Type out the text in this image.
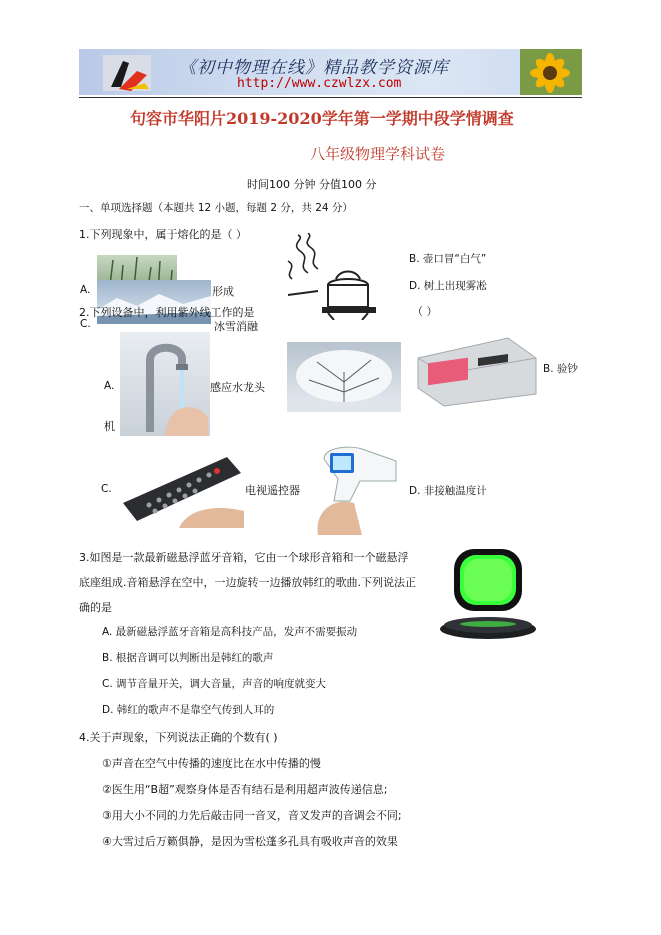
《初中物理在线》精品教学资源库
http://www.czwlzx.com
句容市华阳片2019-2020学年第一学期中段学情调查
八年级物理学科试卷
时间100 分钟 分值100 分
一、单项选择题（本题共 12 小题，每题 2 分，共 24 分）
1.下列现象中，属于熔化的是（ ）
A.	形成
2.下列设备中，利用紫外线工作的是
C.	冰雪消融
B. 壶口冒“白气”
D. 树上出现雾凇
（ ）
A.	感应水龙头
机
B. 验钞
C.	电视遥控器	D. 非接触温度计
3.如图是一款最新磁悬浮蓝牙音箱，它由一个球形音箱和一个磁悬浮
底座组成.音箱悬浮在空中，一边旋转一边播放韩红的歌曲.下列说法正
确的是
A. 最新磁悬浮蓝牙音箱是高科技产品，发声不需要振动
B. 根据音调可以判断出是韩红的歌声
C. 调节音量开关，调大音量，声音的响度就变大
D. 韩红的歌声不是靠空气传到人耳的
4.关于声现象，下列说法正确的个数有( )
①声音在空气中传播的速度比在水中传播的慢
②医生用“B超”观察身体是否有结石是利用超声波传递信息;
③用大小不同的力先后敲击同一音叉，音叉发声的音调会不同;
④大雪过后万籁俱静，是因为雪松蓬多孔具有吸收声音的效果
